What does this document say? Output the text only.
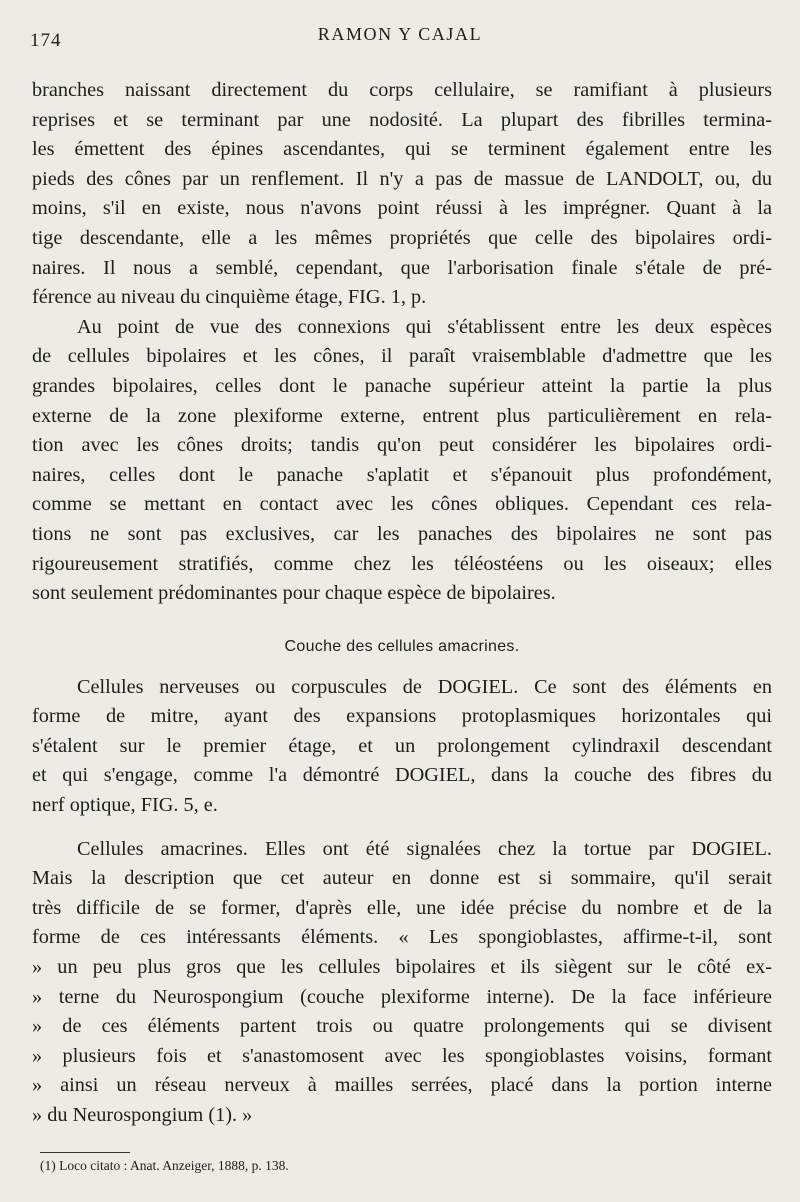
174	RAMON Y CAJAL
branches naissant directement du corps cellulaire, se ramifiant à plusieurs
reprises et se terminant par une nodosité. La plupart des fibrilles termina-
les émettent des épines ascendantes, qui se terminent également entre les
pieds des cônes par un renflement. Il n'y a pas de massue de LANDOLT, ou, du
moins, s'il en existe, nous n'avons point réussi à les imprégner. Quant à la
tige descendante, elle a les mêmes propriétés que celle des bipolaires ordi-
naires. Il nous a semblé, cependant, que l'arborisation finale s'étale de pré-
férence au niveau du cinquième étage, FIG. 1, p.
Au point de vue des connexions qui s'établissent entre les deux espèces
de cellules bipolaires et les cônes, il paraît vraisemblable d'admettre que les
grandes bipolaires, celles dont le panache supérieur atteint la partie la plus
externe de la zone plexiforme externe, entrent plus particulièrement en rela-
tion avec les cônes droits; tandis qu'on peut considérer les bipolaires ordi-
naires, celles dont le panache s'aplatit et s'épanouit plus profondément,
comme se mettant en contact avec les cônes obliques. Cependant ces rela-
tions ne sont pas exclusives, car les panaches des bipolaires ne sont pas
rigoureusement stratifiés, comme chez les téléostéens ou les oiseaux; elles
sont seulement prédominantes pour chaque espèce de bipolaires.
Couche des cellules amacrines.
Cellules nerveuses ou corpuscules de DOGIEL. Ce sont des éléments en
forme de mitre, ayant des expansions protoplasmiques horizontales qui
s'étalent sur le premier étage, et un prolongement cylindraxil descendant
et qui s'engage, comme l'a démontré DOGIEL, dans la couche des fibres du
nerf optique, FIG. 5, e.
Cellules amacrines. Elles ont été signalées chez la tortue par DOGIEL.
Mais la description que cet auteur en donne est si sommaire, qu'il serait
très difficile de se former, d'après elle, une idée précise du nombre et de la
forme de ces intéressants éléments. « Les spongioblastes, affirme-t-il, sont
» un peu plus gros que les cellules bipolaires et ils siègent sur le côté ex-
» terne du Neurospongium (couche plexiforme interne). De la face inférieure
» de ces éléments partent trois ou quatre prolongements qui se divisent
» plusieurs fois et s'anastomosent avec les spongioblastes voisins, formant
» ainsi un réseau nerveux à mailles serrées, placé dans la portion interne
» du Neurospongium (1). »
(1) Loco citato : Anat. Anzeiger, 1888, p. 138.
